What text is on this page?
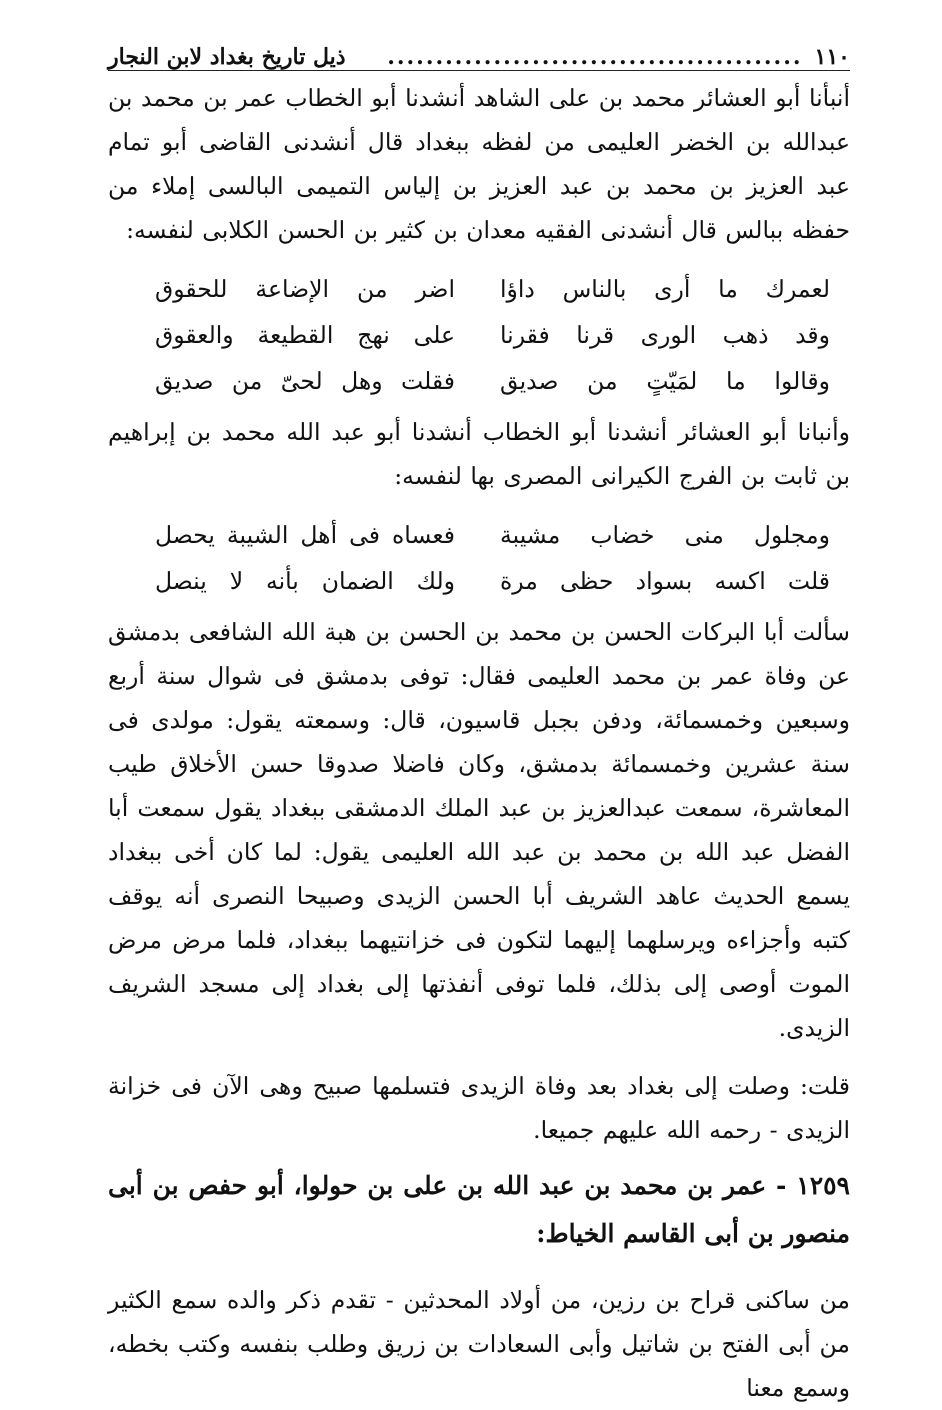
١١٠
...........................................
ذيل تاريخ بغداد لابن النجار

أنبأنا أبو العشائر محمد بن على الشاهد أنشدنا أبو الخطاب عمر بن محمد بن عبدالله بن الخضر العليمى من لفظه ببغداد قال أنشدنى القاضى أبو تمام عبد العزيز بن محمد بن عبد العزيز بن إلياس التميمى البالسى إملاء من حفظه ببالس قال أنشدنى الفقيه معدان بن كثير بن الحسن الكلابى لنفسه:

لعمرك ما أرى بالناس داؤا
اضر من الإضاعة للحقوق
وقد ذهب الورى قرنا فقرنا
على نهج القطيعة والعقوق
وقالوا ما لمَيّتٍ من صديق
فقلت وهل لحىّ من صديق

وأنبانا أبو العشائر أنشدنا أبو الخطاب أنشدنا أبو عبد الله محمد بن إبراهيم بن ثابت بن الفرج الكيرانى المصرى بها لنفسه:

ومجلول منى خضاب مشيبة
فعساه فى أهل الشيبة يحصل
قلت اكسه بسواد حظى مرة
ولك الضمان بأنه لا ينصل

سألت أبا البركات الحسن بن محمد بن الحسن بن هبة الله الشافعى بدمشق عن وفاة عمر بن محمد العليمى فقال: توفى بدمشق فى شوال سنة أربع وسبعين وخمسمائة، ودفن بجبل قاسيون، قال: وسمعته يقول: مولدى فى سنة عشرين وخمسمائة بدمشق، وكان فاضلا صدوقا حسن الأخلاق طيب المعاشرة، سمعت عبدالعزيز بن عبد الملك الدمشقى ببغداد يقول سمعت أبا الفضل عبد الله بن محمد بن عبد الله العليمى يقول: لما كان أخى ببغداد يسمع الحديث عاهد الشريف أبا الحسن الزيدى وصبيحا النصرى أنه يوقف كتبه وأجزاءه ويرسلهما إليهما لتكون فى خزانتيهما ببغداد، فلما مرض مرض الموت أوصى إلى بذلك، فلما توفى أنفذتها إلى بغداد إلى مسجد الشريف الزيدى.

قلت: وصلت إلى بغداد بعد وفاة الزيدى فتسلمها صبيح وهى الآن فى خزانة الزيدى - رحمه الله عليهم جميعا.

١٢٥٩ - عمر بن محمد بن عبد الله بن على بن حولوا، أبو حفص بن أبى منصور بن أبى القاسم الخياط:

من ساكنى قراح بن رزين، من أولاد المحدثين - تقدم ذكر والده سمع الكثير من أبى الفتح بن شاتيل وأبى السعادات بن زريق وطلب بنفسه وكتب بخطه، وسمع معنا
